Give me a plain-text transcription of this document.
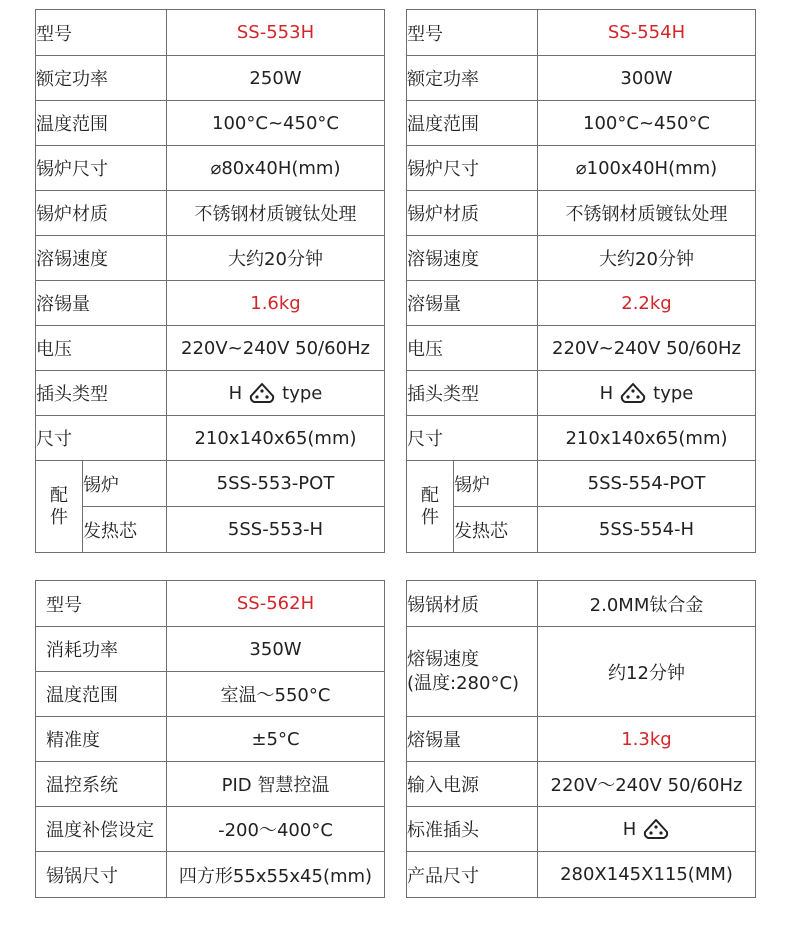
型号		SS-553H
额定功率		250W
温度范围		100°C~450°C
锡炉尺寸		⌀80x40H(mm)
锡炉材质		不锈钢材质镀钛处理
溶锡速度		大约20分钟
溶锡量		1.6kg
电压		220V~240V 50/60Hz
插头类型		H type

尺寸		210x140x65(mm)
配
件	锡炉	5SS-553-POT
	发热芯	5SS-553-H
型号		SS-554H
额定功率		300W
温度范围		100°C~450°C
锡炉尺寸		⌀100x40H(mm)
锡炉材质		不锈钢材质镀钛处理
溶锡速度		大约20分钟
溶锡量		2.2kg
电压		220V~240V 50/60Hz
插头类型		H type

尺寸		210x140x65(mm)
配
件	锡炉	5SS-554-POT
	发热芯	5SS-554-H
型号	SS-562H
消耗功率	350W
温度范围	室温～550°C
精准度	±5°C
温控系统	PID 智慧控温
温度补偿设定	-200～400°C
锡锅尺寸	四方形55x55x45(mm)
锡锅材质	2.0MM钛合金
熔锡速度
(温度:280°C)	约12分钟
熔锡量	1.3kg
输入电源	220V～240V 50/60Hz
标准插头	H

产品尺寸	280X145X115(MM)
